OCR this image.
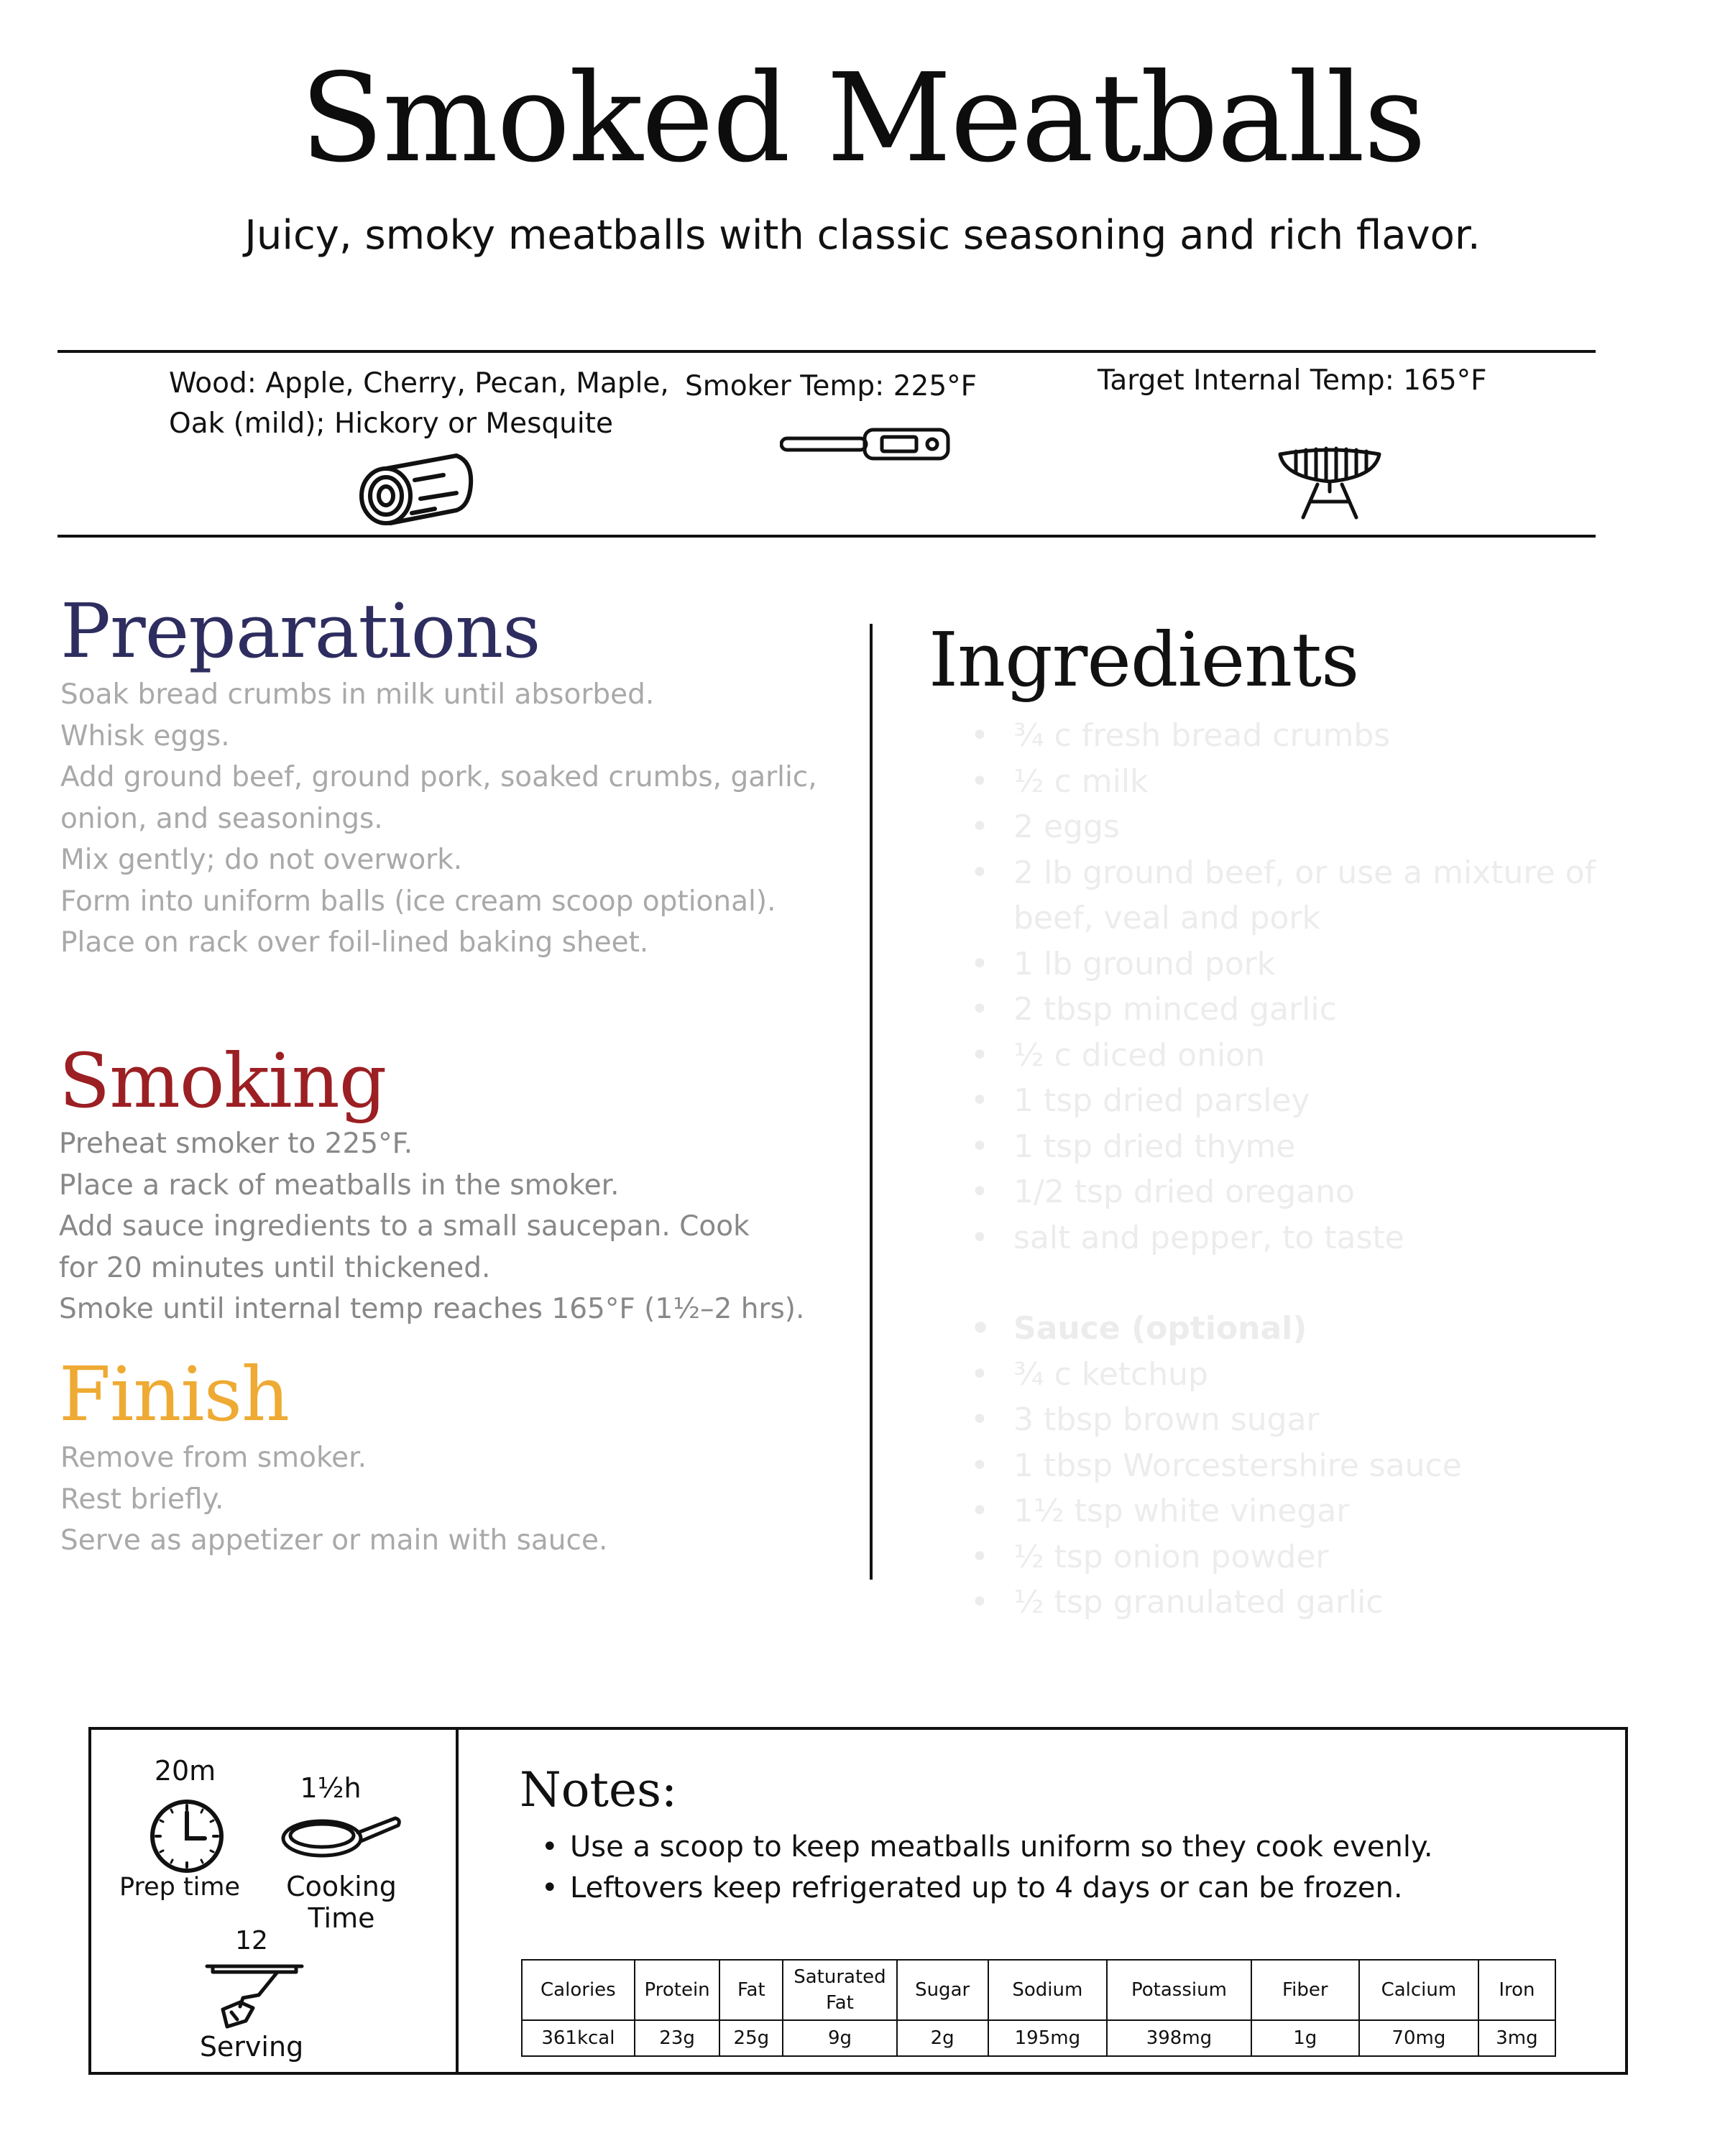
Smoked Meatballs
Juicy, smoky meatballs with classic seasoning and rich flavor.
Wood: Apple, Cherry, Pecan, Maple,
Oak (mild); Hickory or Mesquite
Smoker Temp: 225°F	Target Internal Temp: 165°F
Preparations
Soak bread crumbs in milk until absorbed.
Whisk eggs.
Add ground beef, ground pork, soaked crumbs, garlic,
onion, and seasonings.
Mix gently; do not overwork.
Form into uniform balls (ice cream scoop optional).
Place on rack over foil-lined baking sheet.
Smoking
Preheat smoker to 225°F.
Place a rack of meatballs in the smoker.
Add sauce ingredients to a small saucepan. Cook
for 20 minutes until thickened.
Smoke until internal temp reaches 165°F (1½–2 hrs).
Finish
Remove from smoker.
Rest briefly.
Serve as appetizer or main with sauce.
Ingredients
• ¾ c fresh bread crumbs
• ½ c milk
• 2 eggs
• 2 lb ground beef, or use a mixture of beef, veal and pork
• 1 lb ground pork
• 2 tbsp minced garlic
• ½ c diced onion
• 1 tsp dried parsley
• 1 tsp dried thyme
• 1/2 tsp dried oregano
• salt and pepper, to taste
• Sauce (optional)
• ¾ c ketchup
• 3 tbsp brown sugar
• 1 tbsp Worcestershire sauce
• 1½ tsp white vinegar
• ½ tsp onion powder
• ½ tsp granulated garlic
20m
Prep time
1½h
Cooking Time
12
Serving
Notes:
• Use a scoop to keep meatballs uniform so they cook evenly.
• Leftovers keep refrigerated up to 4 days or can be frozen.
Calories	Protein	Fat	Saturated Fat	Sugar	Sodium	Potassium	Fiber	Calcium	Iron
361kcal	23g	25g	9g	2g	195mg	398mg	1g	70mg	3mg
